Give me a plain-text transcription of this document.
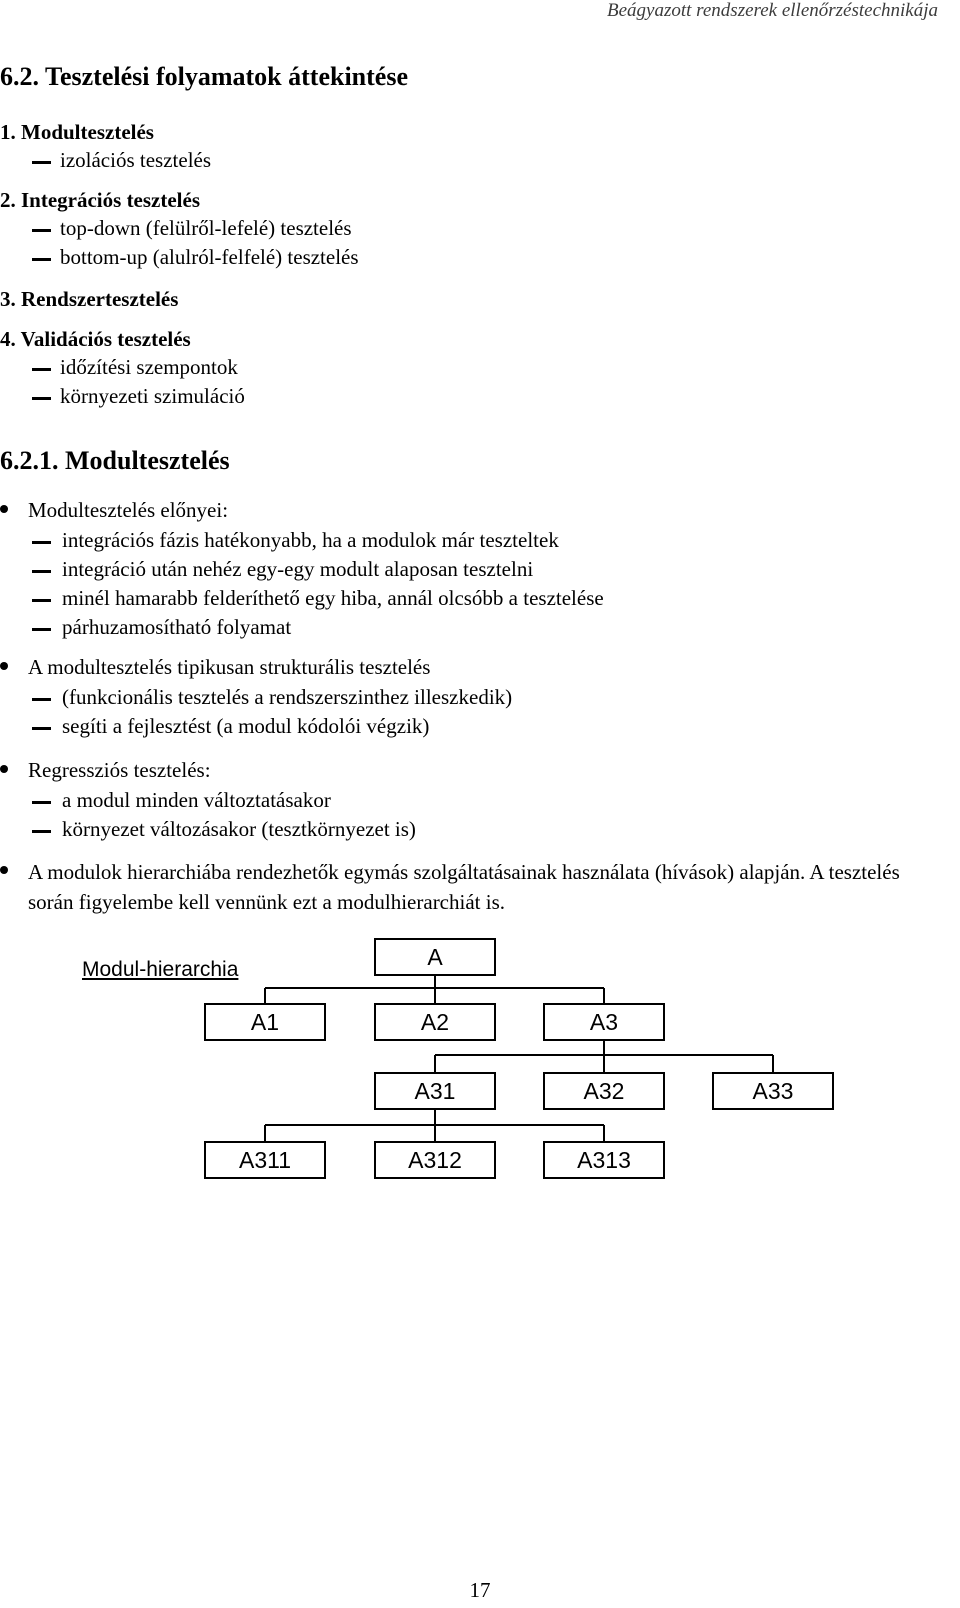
Beágyazott rendszerek ellenőrzéstechnikája
6.2. Tesztelési folyamatok áttekintése
1. Modultesztelés
izolációs tesztelés
2. Integrációs tesztelés
top-down (felülről-lefelé) tesztelés
bottom-up (alulról-felfelé) tesztelés
3. Rendszertesztelés
4. Validációs tesztelés
időzítési szempontok
környezeti szimuláció
6.2.1. Modultesztelés
Modultesztelés előnyei:
integrációs fázis hatékonyabb, ha a modulok már teszteltek
integráció után nehéz egy-egy modult alaposan tesztelni
minél hamarabb felderíthető egy hiba, annál olcsóbb a tesztelése
párhuzamosítható folyamat
A modultesztelés tipikusan strukturális tesztelés
(funkcionális tesztelés a rendszerszinthez illeszkedik)
segíti a fejlesztést (a modul kódolói végzik)
Regressziós tesztelés:
a modul minden változtatásakor
környezet változásakor (tesztkörnyezet is)
A modulok hierarchiába rendezhetők egymás szolgáltatásainak használata (hívások) alapján. A tesztelés során figyelembe kell vennünk ezt a modulhierarchiát is.
Modul-hierarchia	A
A1	A2	A3
A31	A32	A33
A311	A312	A313
17
